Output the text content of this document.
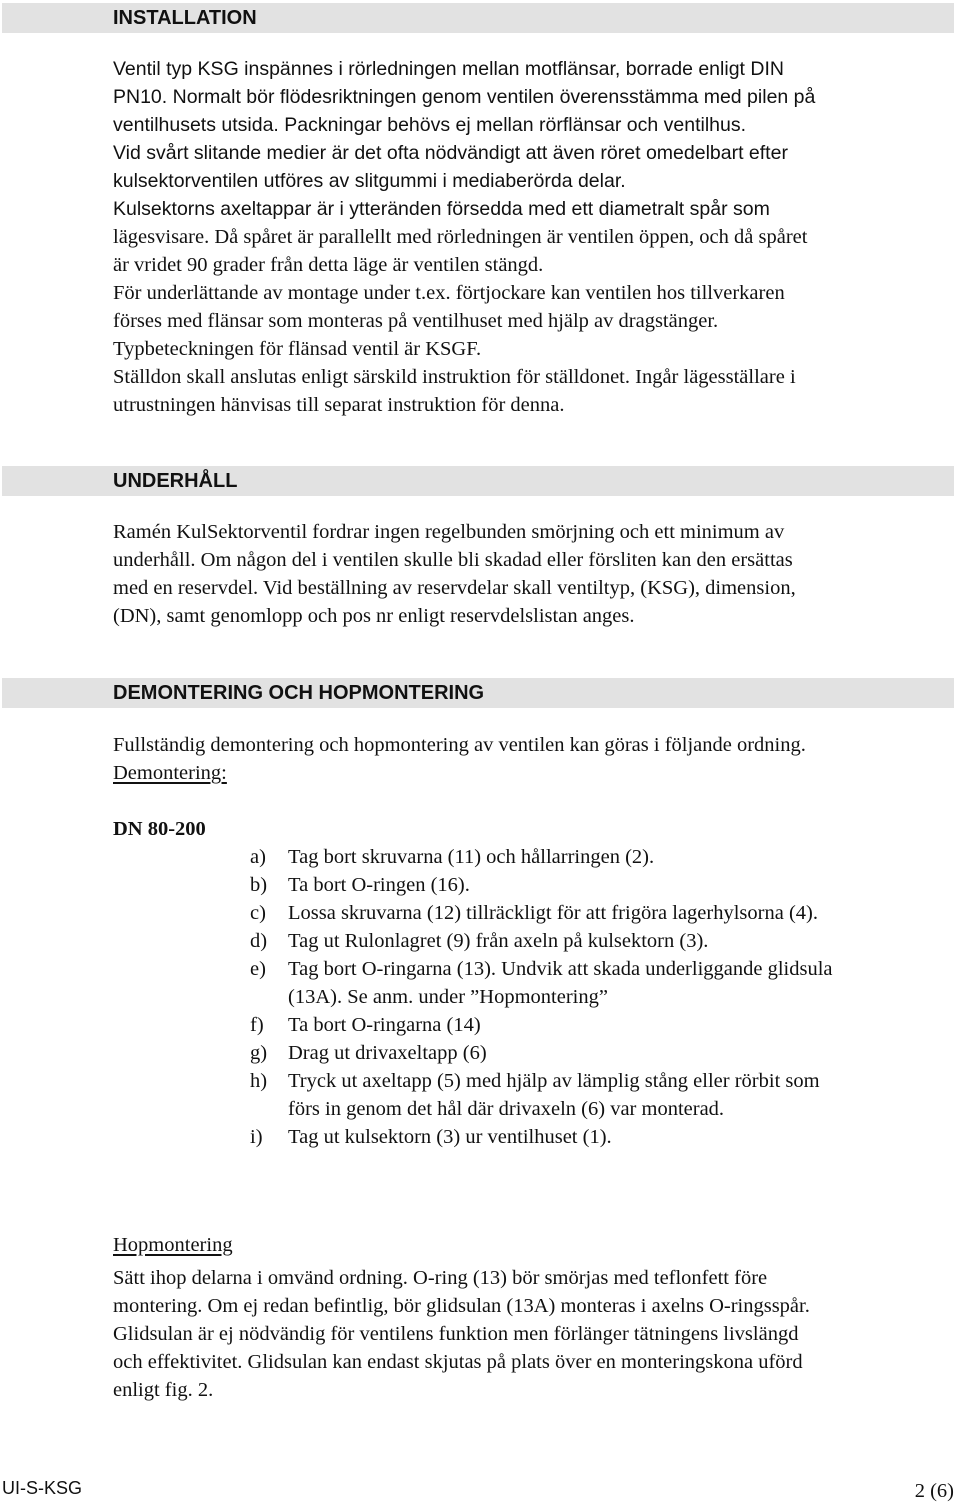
INSTALLATION
Ventil typ KSG inspännes i rörledningen mellan motflänsar, borrade enligt DIN
PN10. Normalt bör flödesriktningen genom ventilen överensstämma med pilen på
ventilhusets utsida. Packningar behövs ej mellan rörflänsar och ventilhus.
Vid svårt slitande medier är det ofta nödvändigt att även röret omedelbart efter
kulsektorventilen utföres av slitgummi i mediaberörda delar.
Kulsektorns axeltappar är i ytteränden försedda med ett diametralt spår som
lägesvisare. Då spåret är parallellt med rörledningen är ventilen öppen, och då spåret
är vridet 90 grader från detta läge är ventilen stängd.
För underlättande av montage under t.ex. förtjockare kan ventilen hos tillverkaren
förses med flänsar som monteras på ventilhuset med hjälp av dragstänger.
Typbeteckningen för flänsad ventil är KSGF.
Ställdon skall anslutas enligt särskild instruktion för ställdonet. Ingår lägesställare i
utrustningen hänvisas till separat instruktion för denna.
UNDERHÅLL
Ramén KulSektorventil fordrar ingen regelbunden smörjning och ett minimum av
underhåll. Om någon del i ventilen skulle bli skadad eller försliten kan den ersättas
med en reservdel. Vid beställning av reservdelar skall ventiltyp, (KSG), dimension,
(DN), samt genomlopp och pos nr enligt reservdelslistan anges.
DEMONTERING OCH HOPMONTERING
Fullständig demontering och hopmontering av ventilen kan göras i följande ordning.
Demontering:
DN 80-200
a) Tag bort skruvarna (11) och hållarringen (2).
b) Ta bort O-ringen (16).
c) Lossa skruvarna (12) tillräckligt för att frigöra lagerhylsorna (4).
d) Tag ut Rulonlagret (9) från axeln på kulsektorn (3).
e) Tag bort O-ringarna (13). Undvik att skada underliggande glidsula
(13A). Se anm. under ”Hopmontering”
f) Ta bort O-ringarna (14)
g) Drag ut drivaxeltapp (6)
h) Tryck ut axeltapp (5) med hjälp av lämplig stång eller rörbit som
förs in genom det hål där drivaxeln (6) var monterad.
i) Tag ut kulsektorn (3) ur ventilhuset (1).
Hopmontering
Sätt ihop delarna i omvänd ordning. O-ring (13) bör smörjas med teflonfett före
montering. Om ej redan befintlig, bör glidsulan (13A) monteras i axelns O-ringsspår.
Glidsulan är ej nödvändig för ventilens funktion men förlänger tätningens livslängd
och effektivitet. Glidsulan kan endast skjutas på plats över en monteringskona uförd
enligt fig. 2.
UI-S-KSG	2 (6)
